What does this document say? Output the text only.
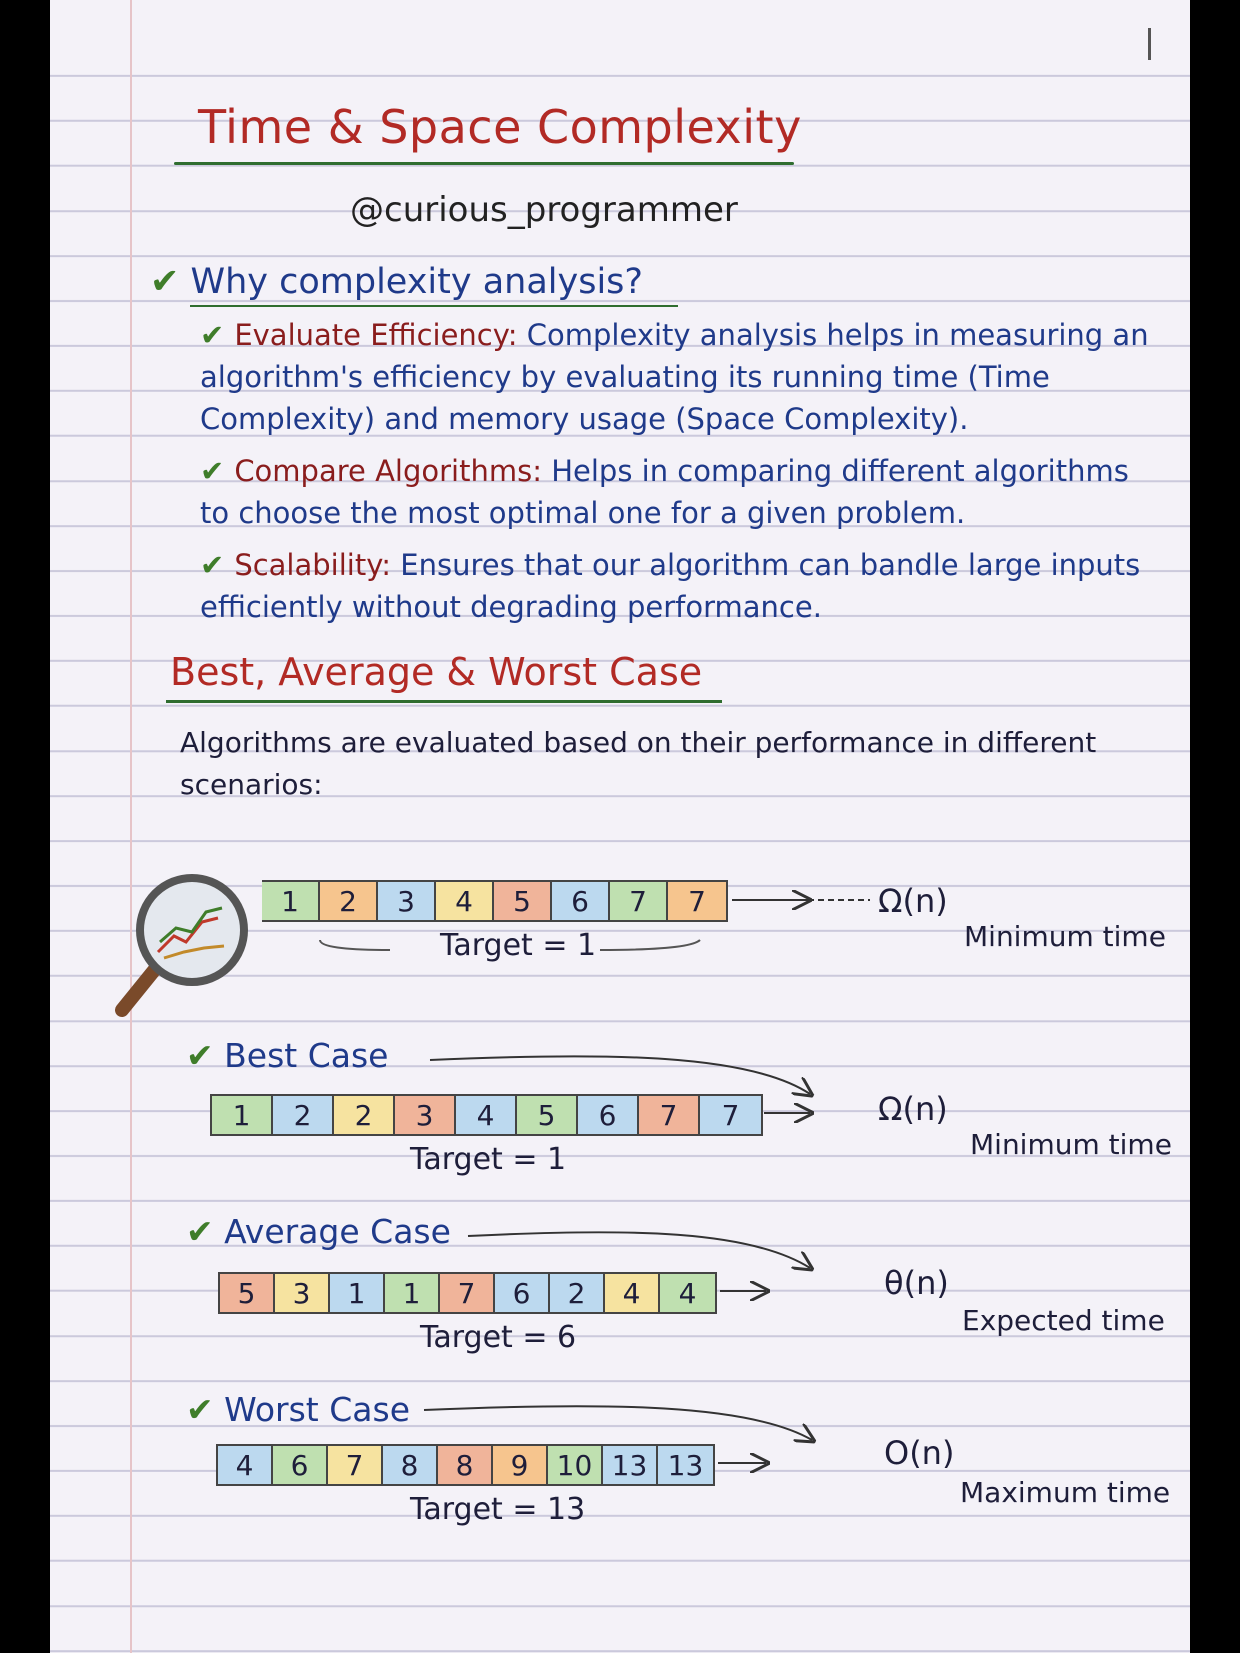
Time & Space Complexity
@curious_programmer
✔ Why complexity analysis?
✔ Evaluate Efficiency: Complexity analysis helps in measuring an algorithm's efficiency by evaluating its running time (Time Complexity) and memory usage (Space Complexity).
✔ Compare Algorithms: Helps in comparing different algorithms to choose the most optimal one for a given problem.
✔ Scalability: Ensures that our algorithm can bandle large inputs efficiently without degrading performance.
Best, Average & Worst Case
Algorithms are evaluated based on their performance in different scenarios:
1	2	3	4	5	6	7	7
Target = 1
Ω(n)
Minimum time
✔ Best Case
1	2	2	3	4	5	6	7	7
Target = 1
Ω(n)
Minimum time
✔ Average Case
5	3	1	1	7	6	2	4	4
Target = 6
θ(n)
Expected time
✔ Worst Case
4	6	7	8	8	9	10 13 13
Target = 13
O(n)
Maximum time
